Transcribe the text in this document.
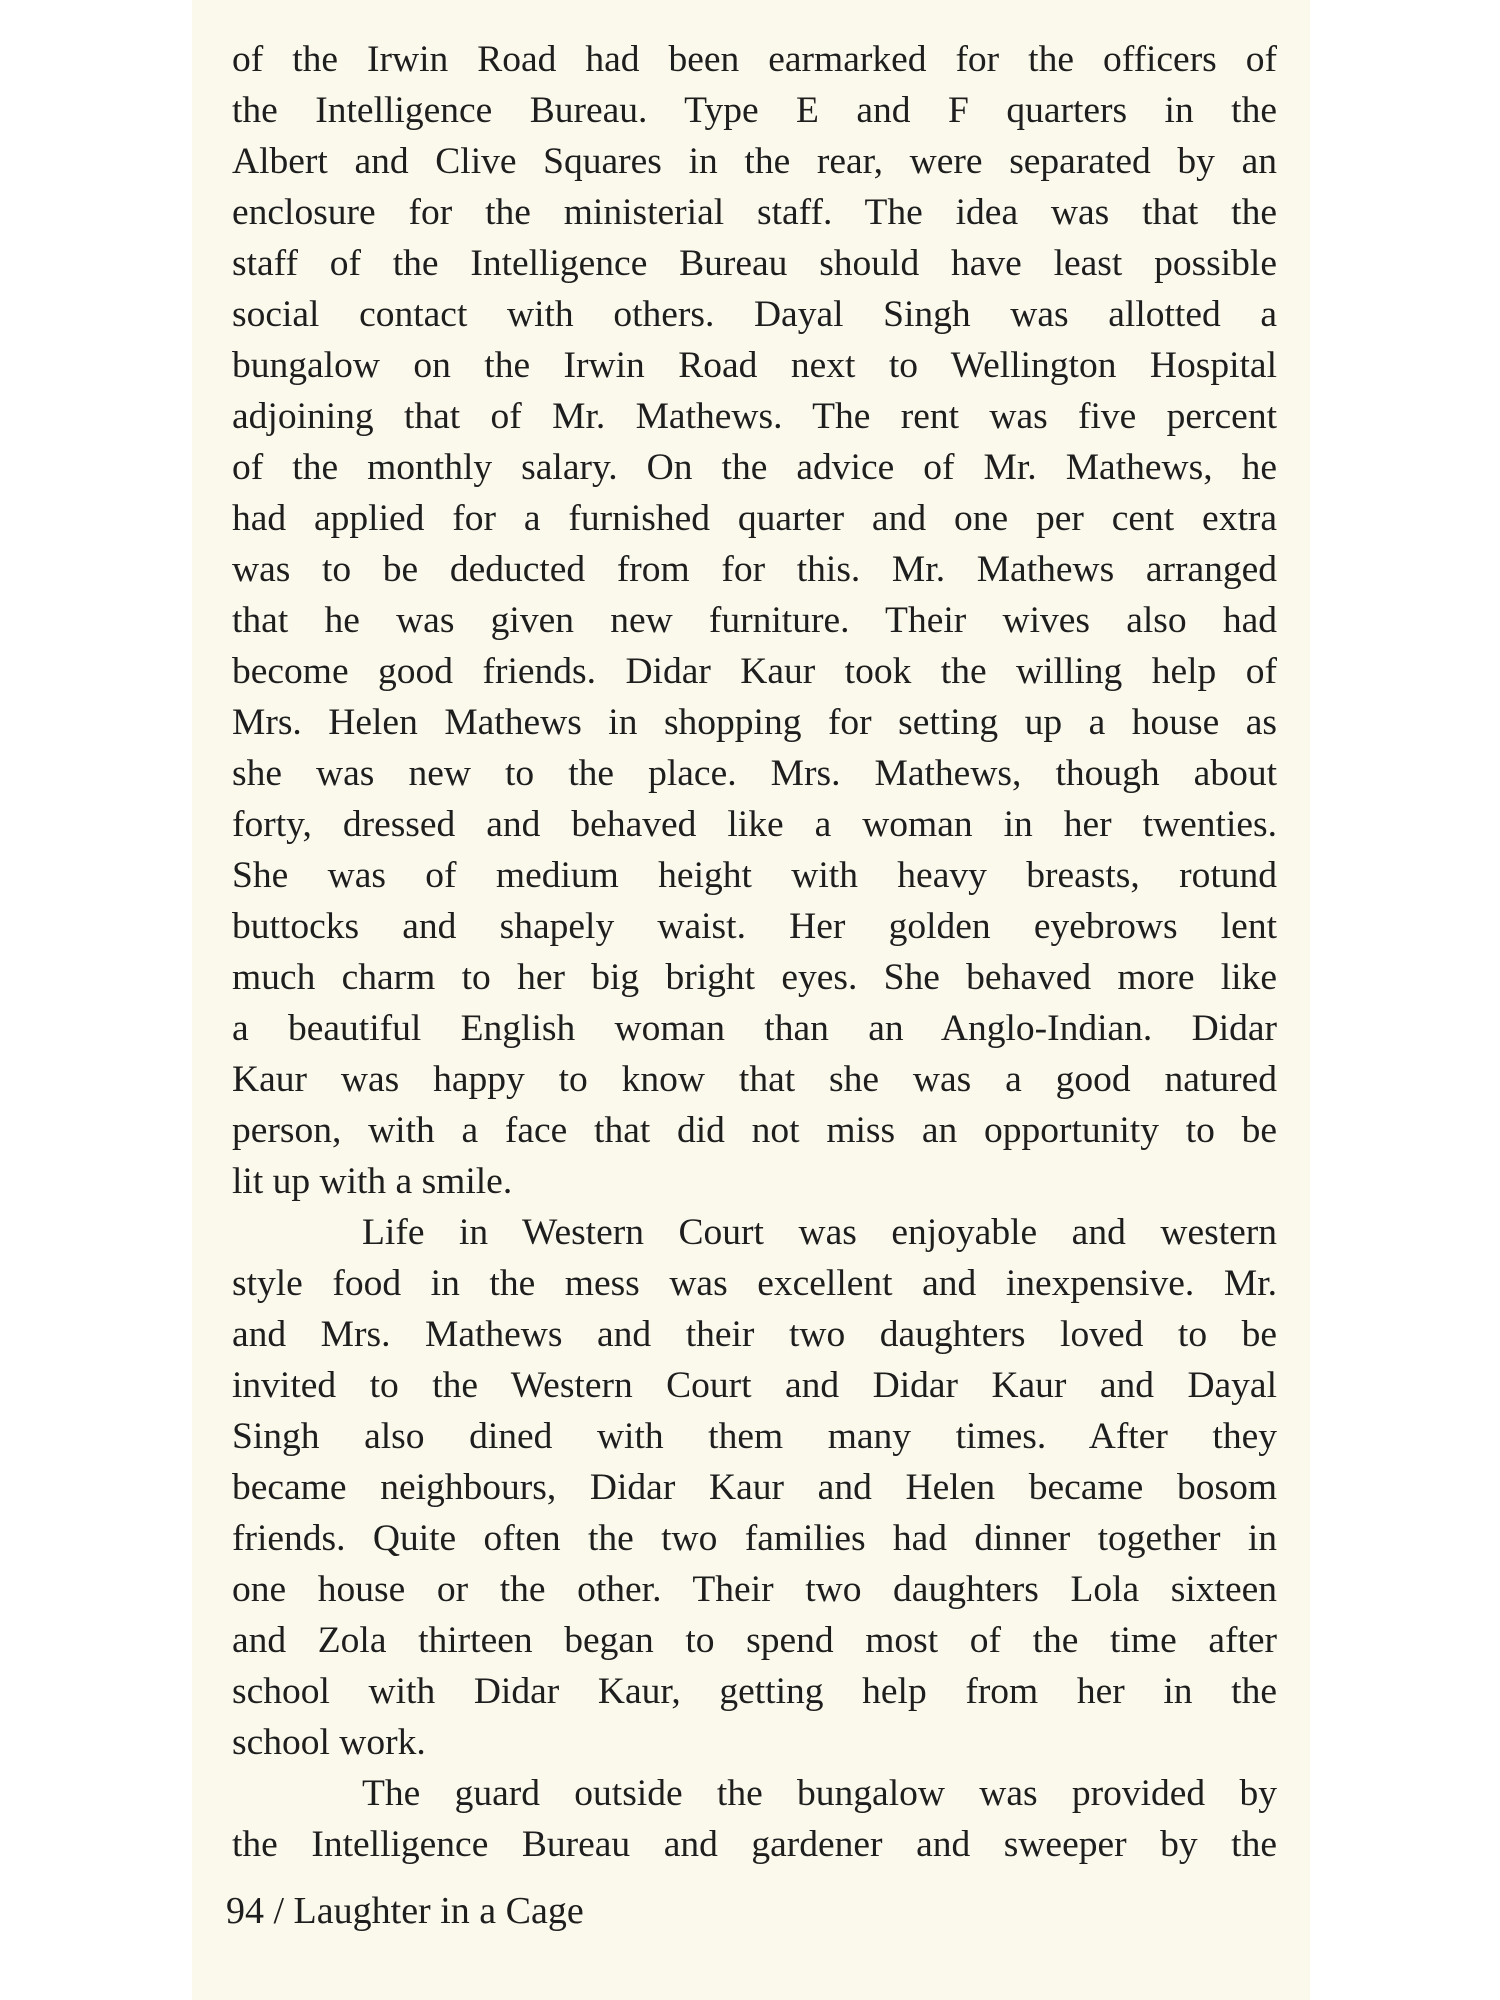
of the Irwin Road had been earmarked for the officers of
the Intelligence Bureau. Type E and F quarters in the
Albert and Clive Squares in the rear, were separated by an
enclosure for the ministerial staff. The idea was that the
staff of the Intelligence Bureau should have least possible
social contact with others. Dayal Singh was allotted a
bungalow on the Irwin Road next to Wellington Hospital
adjoining that of Mr. Mathews. The rent was five percent
of the monthly salary. On the advice of Mr. Mathews, he
had applied for a furnished quarter and one per cent extra
was to be deducted from for this. Mr. Mathews arranged
that he was given new furniture. Their wives also had
become good friends. Didar Kaur took the willing help of
Mrs. Helen Mathews in shopping for setting up a house as
she was new to the place. Mrs. Mathews, though about
forty, dressed and behaved like a woman in her twenties.
She was of medium height with heavy breasts, rotund
buttocks and shapely waist. Her golden eyebrows lent
much charm to her big bright eyes. She behaved more like
a beautiful English woman than an Anglo-Indian. Didar
Kaur was happy to know that she was a good natured
person, with a face that did not miss an opportunity to be
lit up with a smile.
Life in Western Court was enjoyable and western
style food in the mess was excellent and inexpensive. Mr.
and Mrs. Mathews and their two daughters loved to be
invited to the Western Court and Didar Kaur and Dayal
Singh also dined with them many times. After they
became neighbours, Didar Kaur and Helen became bosom
friends. Quite often the two families had dinner together in
one house or the other. Their two daughters Lola sixteen
and Zola thirteen began to spend most of the time after
school with Didar Kaur, getting help from her in the
school work.
The guard outside the bungalow was provided by
the Intelligence Bureau and gardener and sweeper by the
94 / Laughter in a Cage
